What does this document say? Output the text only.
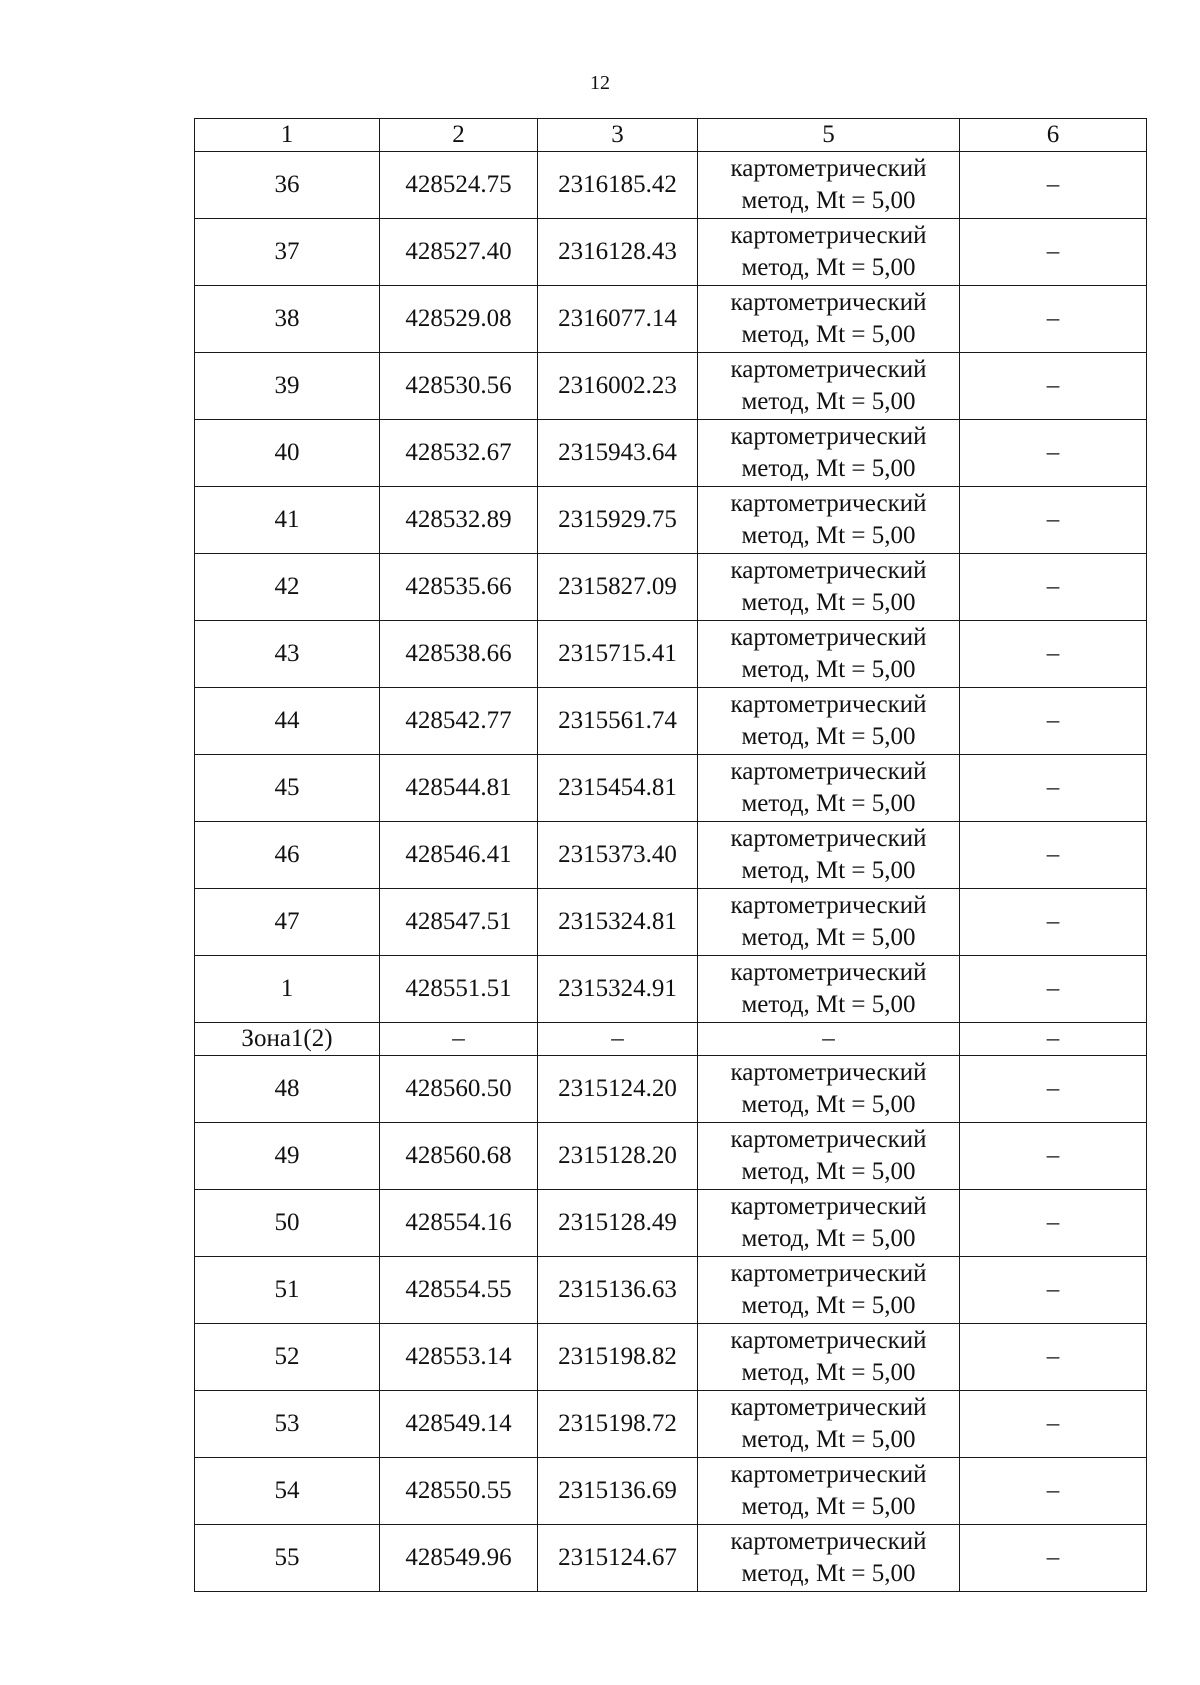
12
1	2	3	5	6
36	428524.75	2316185.42	картометрический
метод, Mt = 5,00	–
37	428527.40	2316128.43	картометрический
метод, Mt = 5,00	–
38	428529.08	2316077.14	картометрический
метод, Mt = 5,00	–
39	428530.56	2316002.23	картометрический
метод, Mt = 5,00	–
40	428532.67	2315943.64	картометрический
метод, Mt = 5,00	–
41	428532.89	2315929.75	картометрический
метод, Mt = 5,00	–
42	428535.66	2315827.09	картометрический
метод, Mt = 5,00	–
43	428538.66	2315715.41	картометрический
метод, Mt = 5,00	–
44	428542.77	2315561.74	картометрический
метод, Mt = 5,00	–
45	428544.81	2315454.81	картометрический
метод, Mt = 5,00	–
46	428546.41	2315373.40	картометрический
метод, Mt = 5,00	–
47	428547.51	2315324.81	картометрический
метод, Mt = 5,00	–
1	428551.51	2315324.91	картометрический
метод, Mt = 5,00	–
Зона1(2)	–	–	–	–
48	428560.50	2315124.20	картометрический
метод, Mt = 5,00	–
49	428560.68	2315128.20	картометрический
метод, Mt = 5,00	–
50	428554.16	2315128.49	картометрический
метод, Mt = 5,00	–
51	428554.55	2315136.63	картометрический
метод, Mt = 5,00	–
52	428553.14	2315198.82	картометрический
метод, Mt = 5,00	–
53	428549.14	2315198.72	картометрический
метод, Mt = 5,00	–
54	428550.55	2315136.69	картометрический
метод, Mt = 5,00	–
55	428549.96	2315124.67	картометрический
метод, Mt = 5,00	–
